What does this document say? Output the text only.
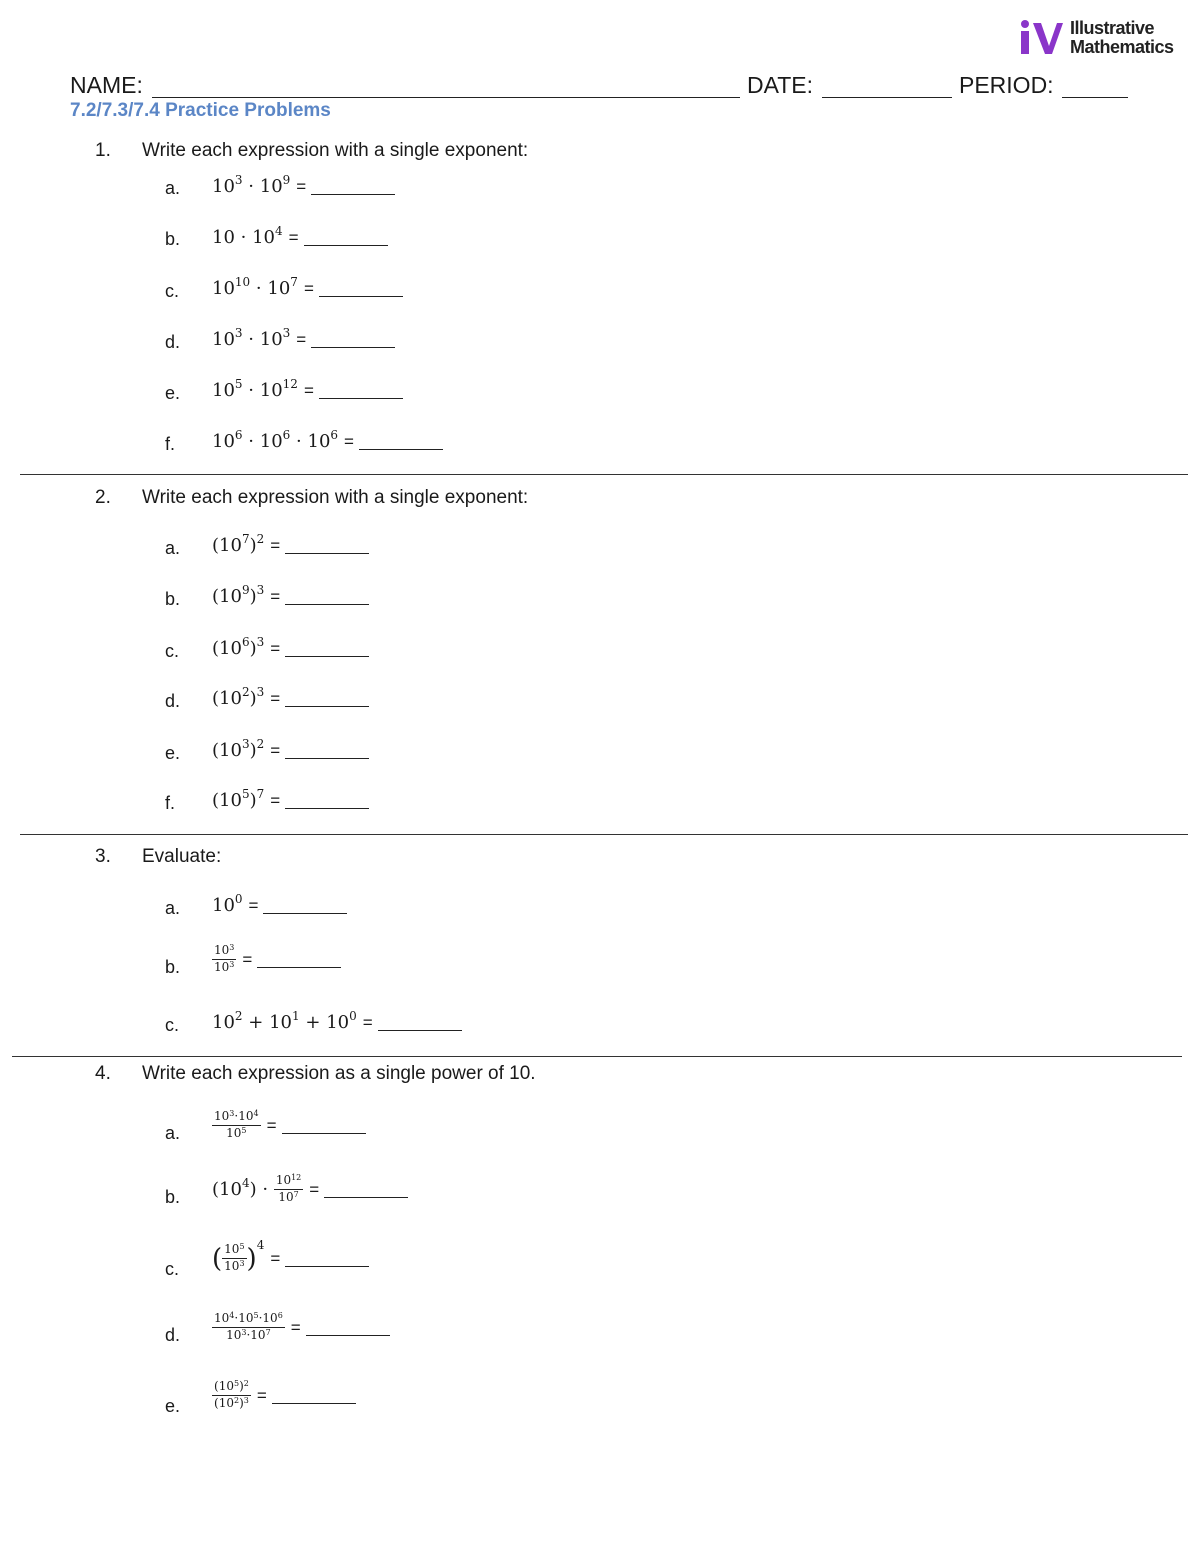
Illustrative
Mathematics
NAME:	DATE:	PERIOD:
7.2/7.3/7.4 Practice Problems
1. Write each expression with a single exponent:
a. $10^3$
·
$10^9$ =
b. 10
·
$10^4$ =
c. $10^{10}$
·
$10^7$ =
d. $10^3$
·
$10^3$ =
e. $10^5$
·
$10^{12}$ =
f. $10^6$
·
$10^6$
·
$10^6$ =
2. Write each expression with a single exponent:
a. ( $10^7$ )$^2$ =
b. ( $10^9$ )$^3$ =
c. ( $10^6$ )$^3$ =
d. ( $10^2$ )$^3$ =
e. ( $10^3$ )$^2$ =
f. ( $10^5$ )$^7$ =
3. Evaluate:
a. $10^0$ =
b.	$\frac{10^3}{10^3}$ =
c. $10^2$
+
$10^1$
+
$10^0$ =
4. Write each expression as a single power of 10.
a.	$\frac{10^3\cdot 10^4}{10^5}$ =
b. ( $10^4$ )
·
$\frac{10^{12}}{10^7}$ =
c. ( $\frac{10^5}{10^3} )^4$
=
d.	$\frac{10^4\cdot 10^5\cdot 10^6}{10^3\cdot 10^7}$ =
e.	$\frac{(10^5)^2}{(10^2)^3}$ =
